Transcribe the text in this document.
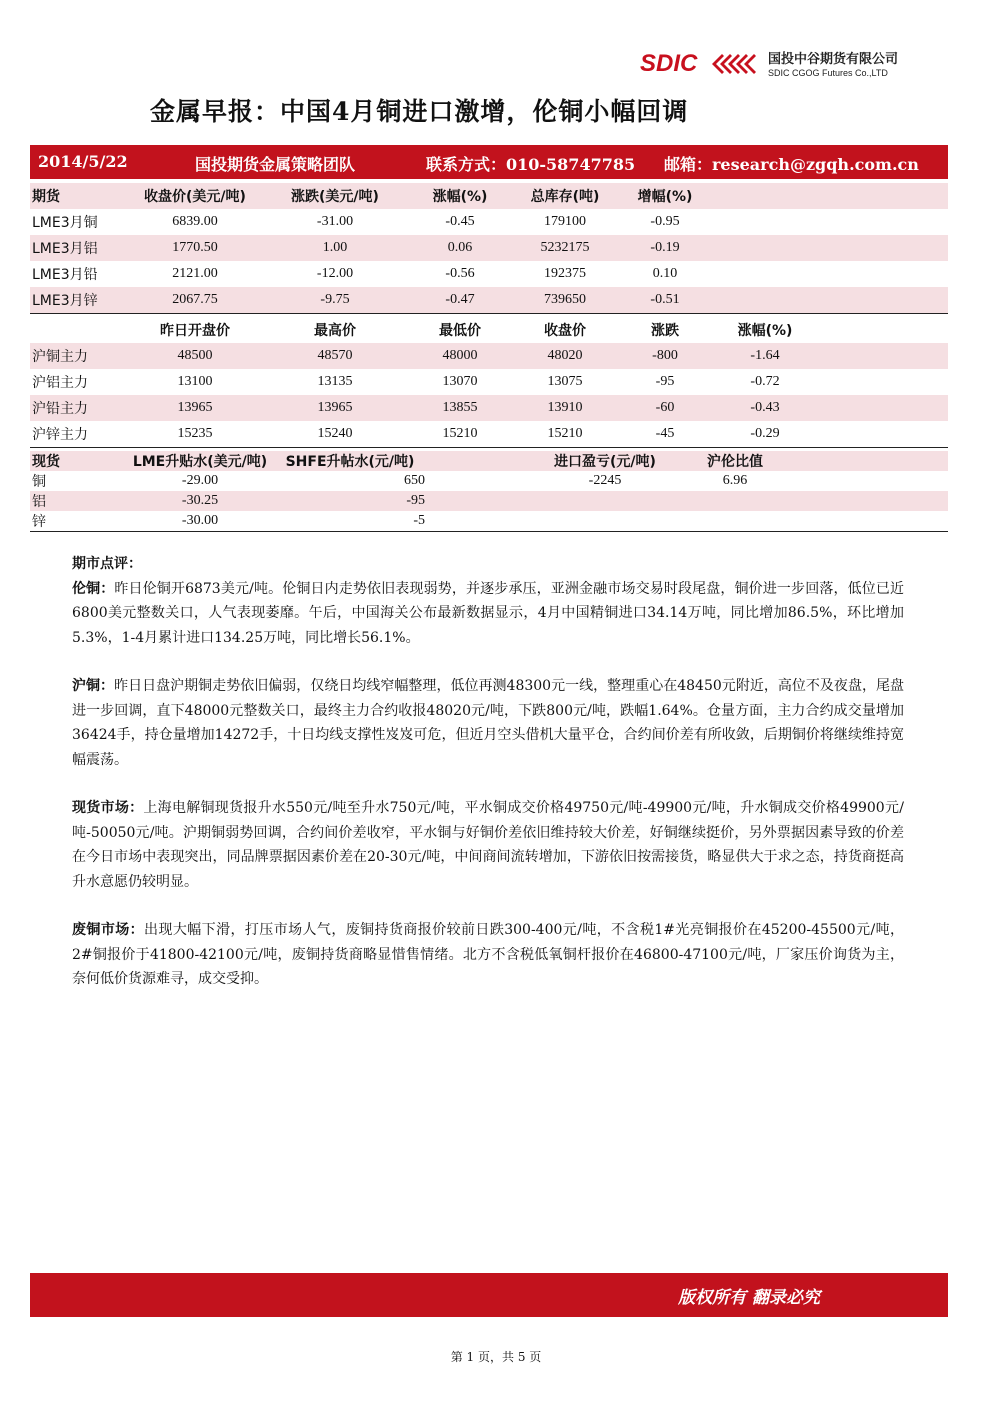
SDIC	国投中谷期货有限公司
SDIC CGOG Futures Co.,LTD
金属早报：中国4月铜进口激增，伦铜小幅回调
2014/5/22	国投期货金属策略团队	联系方式：010-58747785 邮箱：research@zgqh.com.cn
期货	收盘价(美元/吨)	涨跌(美元/吨)	涨幅(%)	总库存(吨)	增幅(%)	
LME3月铜	6839.00	-31.00	-0.45	179100	-0.95	
LME3月铝	1770.50	1.00	0.06	5232175	-0.19	
LME3月铅	2121.00	-12.00	-0.56	192375	0.10	
LME3月锌	2067.75	-9.75	-0.47	739650	-0.51	
	昨日开盘价	最高价	最低价	收盘价	涨跌	涨幅(%)	
沪铜主力	48500	48570	48000	48020	-800	-1.64	
沪铝主力	13100	13135	13070	13075	-95	-0.72	
沪铅主力	13965	13965	13855	13910	-60	-0.43	
沪锌主力	15235	15240	15210	15210	-45	-0.29	
现货	LME升贴水(美元/吨)	SHFE升帖水(元/吨)		进口盈亏(元/吨)	沪伦比值	
铜	-29.00	650		-2245	6.96	
铝	-30.25	-95				
锌	-30.00	-5				

期市点评：

伦铜：昨日伦铜开6873美元/吨。伦铜日内走势依旧表现弱势，并逐步承压，亚洲金融市场交易时段尾盘，铜价进一步回落，低位已近6800美元整数关口，人气表现萎靡。午后，中国海关公布最新数据显示，4月中国精铜进口34.14万吨，同比增加86.5%，环比增加5.3%，1-4月累计进口134.25万吨，同比增长56.1%。

沪铜：昨日日盘沪期铜走势依旧偏弱，仅绕日均线窄幅整理，低位再测48300元一线，整理重心在48450元附近，高位不及夜盘，尾盘进一步回调，直下48000元整数关口，最终主力合约收报48020元/吨，下跌800元/吨，跌幅1.64%。仓量方面，主力合约成交量增加36424手，持仓量增加14272手，十日均线支撑性岌岌可危，但近月空头借机大量平仓，合约间价差有所收敛，后期铜价将继续维持宽幅震荡。

现货市场：上海电解铜现货报升水550元/吨至升水750元/吨，平水铜成交价格49750元/吨-49900元/吨，升水铜成交价格49900元/吨-50050元/吨。沪期铜弱势回调，合约间价差收窄，平水铜与好铜价差依旧维持较大价差，好铜继续挺价，另外票据因素导致的价差在今日市场中表现突出，同品牌票据因素价差在20-30元/吨，中间商间流转增加，下游依旧按需接货，略显供大于求之态，持货商挺高升水意愿仍较明显。

废铜市场：出现大幅下滑，打压市场人气，废铜持货商报价较前日跌300-400元/吨，不含税1#光亮铜报价在45200-45500元/吨，2#铜报价于41800-42100元/吨，废铜持货商略显惜售情绪。北方不含税低氧铜杆报价在46800-47100元/吨，厂家压价询货为主，奈何低价货源难寻，成交受抑。

版权所有 翻录必究
第 1 页，共 5 页
